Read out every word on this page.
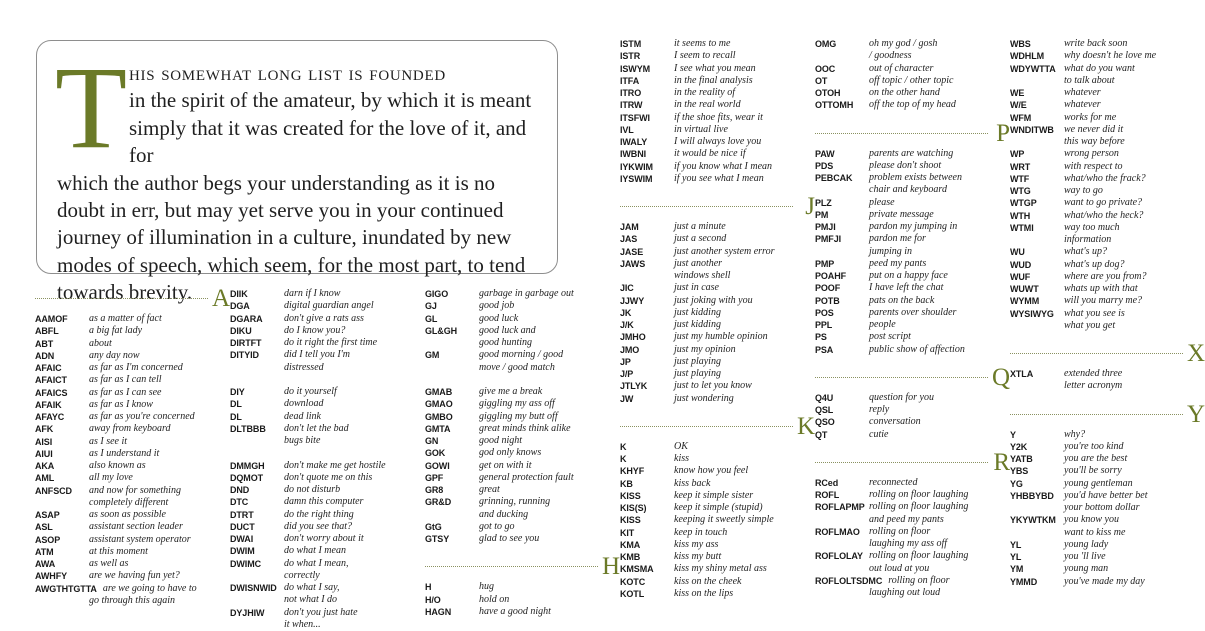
T his somewhat long list is founded
in the spirit of the amateur, by which it is meant
simply that it was created for the love of it, and for
which the author begs your understanding as it is no doubt in err, but may yet serve you in your continued journey of illumination in a culture, inundated by new modes of speech, which seem, for the most part, to tend towards brevity. A
AAMOF	as a matter of fact
ABFL	a big fat lady
ABT	about
ADN	any day now
AFAIC	as far as I'm concerned
AFAICT	as far as I can tell
AFAICS	as far as I can see
AFAIK	as far as I know
AFAYC	as far as you're concerned
AFK	away from keyboard
AISI	as I see it
AIUI	as I understand it
AKA	also known as
AML	all my love
ANFSCD	and now for something
completely different
ASAP	as soon as possible
ASL	assistant section leader
ASOP	assistant system operator
ATM	at this moment
AWA	as well as
AWHFY	are we having fun yet?
AWGTHTGTTA are we going to have to
go through this again
DIIK	darn if I know
DGA	digital guardian angel
DGARA	don't give a rats ass
DIKU	do I know you?
DIRTFT	do it right the first time
DITYID	did I tell you I'm
distressed

DIY	do it yourself
DL	download
DL	dead link
DLTBBB	don't let the bad
bugs bite

DMMGH	don't make me get hostile
DQMOT	don't quote me on this
DND	do not disturb
DTC	damn this computer
DTRT	do the right thing
DUCT	did you see that?
DWAI	don't worry about it
DWIM	do what I mean
DWIMC	do what I mean,
correctly
DWISNWID do what I say,
not what I do
DYJHIW	don't you just hate
it when...
GIGO	garbage in garbage out
GJ	good job
GL	good luck
GL&GH	good luck and
good hunting
GM	good morning / good
move / good match

GMAB	give me a break
GMAO	giggling my ass off
GMBO	giggling my butt off
GMTA	great minds think alike
GN	good night
GOK	god only knows
GOWI	get on with it
GPF	general protection fault
GR8	great
GR&D	grinning, running
and ducking
GtG	got to go
GTSY	glad to see you
H
H	hug
H/O	hold on
HAGN	have a good night
ISTM	it seems to me
ISTR	I seem to recall
ISWYM	I see what you mean
ITFA	in the final analysis
ITRO	in the reality of
ITRW	in the real world
ITSFWI	if the shoe fits, wear it
IVL	in virtual live
IWALY	I will always love you
IWBNI	it would be nice if
IYKWIM	if you know what I mean
IYSWIM	if you see what I mean
J
JAM	just a minute
JAS	just a second
JASE	just another system error
JAWS	just another
windows shell
JIC	just in case
JJWY	just joking with you
JK	just kidding
J/K	just kidding
JMHO	just my humble opinion
JMO	just my opinion
JP	just playing
J/P	just playing
JTLYK	just to let you know
JW	just wondering
K
K	OK
K	kiss
KHYF	know how you feel
KB	kiss back
KISS	keep it simple sister
KIS(S)	keep it simple (stupid)
KISS	keeping it sweetly simple
KIT	keep in touch
KMA	kiss my ass
KMB	kiss my butt
KMSMA	kiss my shiny metal ass
KOTC	kiss on the cheek
KOTL	kiss on the lips
OMG	oh my god / gosh
/ goodness
OOC	out of character
OT	off topic / other topic
OTOH	on the other hand
OTTOMH	off the top of my head
P
PAW	parents are watching
PDS	please don't shoot
PEBCAK	problem exists between
chair and keyboard
PLZ	please
PM	private message
PMJI	pardon my jumping in
PMFJI	pardon me for
jumping in
PMP	peed my pants
POAHF	put on a happy face
POOF	I have left the chat
POTB	pats on the back
POS	parents over shoulder
PPL	people
PS	post script
PSA	public show of affection
Q
Q4U	question for you
QSL	reply
QSO	conversation
QT	cutie
R
RCed	reconnected
ROFL	rolling on floor laughing
ROFLAPMP rolling on floor laughing
and peed my pants
ROFLMAO rolling on floor
laughing my ass off
ROFLOLAY rolling on floor laughing
out loud at you
ROFLOLTSDMC rolling on floor
laughing out loud
WBS	write back soon
WDHLM	why doesn't he love me
WDYWTTA what do you want
to talk about
WE	whatever
W/E	whatever
WFM	works for me
WNDITWB	we never did it
this way before
WP	wrong person
WRT	with respect to
WTF	what/who the frack?
WTG	way to go
WTGP	want to go private?
WTH	what/who the heck?
WTMI	way too much
information
WU	what's up?
WUD	what's up dog?
WUF	where are you from?
WUWT	whats up with that
WYMM	will you marry me?
WYSIWYG	what you see is
what you get
X
XTLA	extended three
letter acronym
Y
Y	why?
Y2K	you're too kind
YATB	you are the best
YBS	you'll be sorry
YG	young gentleman
YHBBYBD	you'd have better bet
your bottom dollar
YKYWTKM you know you
want to kiss me
YL	young lady
YL	you 'll live
YM	young man
YMMD	you've made my day
